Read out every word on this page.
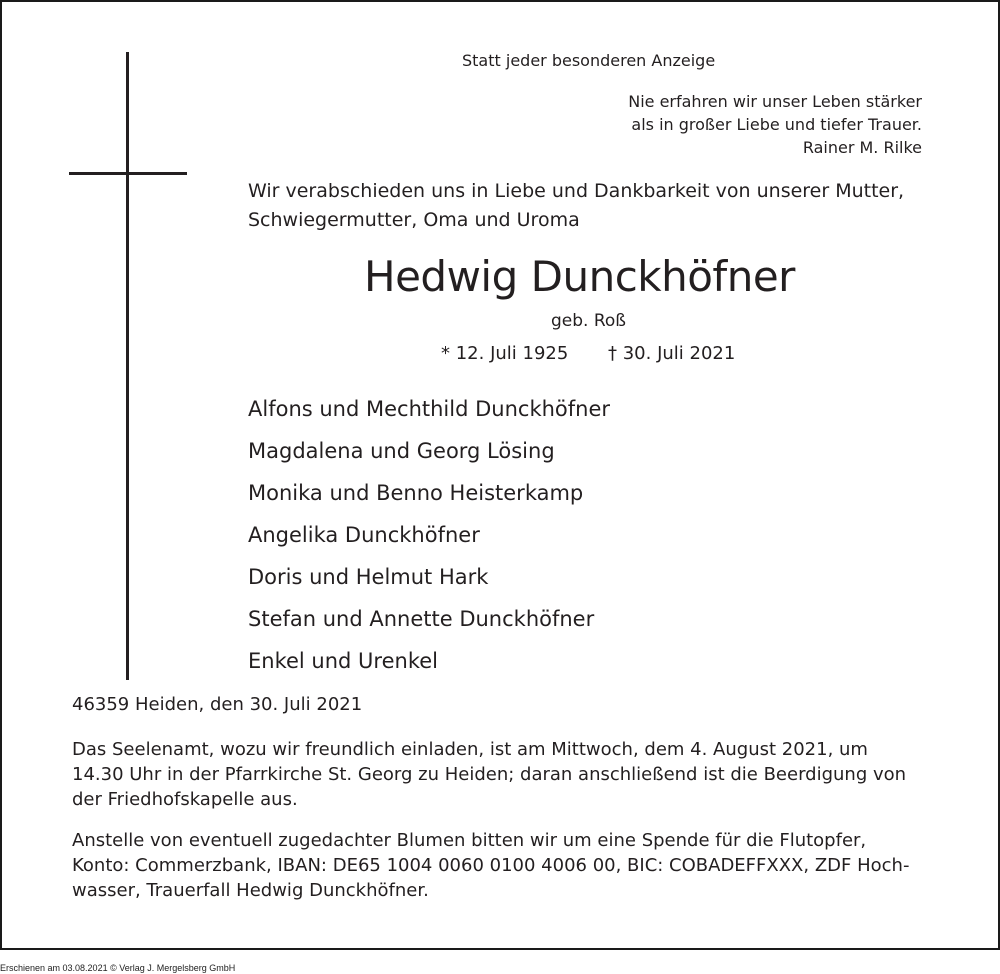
Statt jeder besonderen Anzeige
Nie erfahren wir unser Leben stärker
als in großer Liebe und tiefer Trauer.
Rainer M. Rilke
Wir verabschieden uns in Liebe und Dankbarkeit von unserer Mutter,
Schwiegermutter, Oma und Uroma
Hedwig Dunckhöfner
geb. Roß
* 12. Juli 1925 † 30. Juli 2021
Alfons und Mechthild Dunckhöfner
Magdalena und Georg Lösing
Monika und Benno Heisterkamp
Angelika Dunckhöfner
Doris und Helmut Hark
Stefan und Annette Dunckhöfner
Enkel und Urenkel
46359 Heiden, den 30. Juli 2021
Das Seelenamt, wozu wir freundlich einladen, ist am Mittwoch, dem 4. August 2021, um
14.30 Uhr in der Pfarrkirche St. Georg zu Heiden; daran anschließend ist die Beerdigung von
der Friedhofskapelle aus.
Anstelle von eventuell zugedachter Blumen bitten wir um eine Spende für die Flutopfer,
Konto: Commerzbank, IBAN: DE65 1004 0060 0100 4006 00, BIC: COBADEFFXXX, ZDF Hoch-
wasser, Trauerfall Hedwig Dunckhöfner.
Erschienen am 03.08.2021 © Verlag J. Mergelsberg GmbH
